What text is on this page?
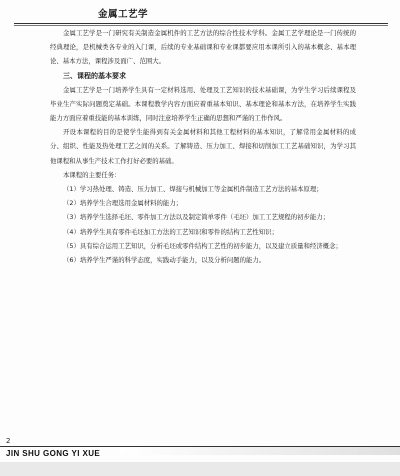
金属工艺学

金属工艺学是一门研究有关制造金属机件的工艺方法的综合性技术学科。金属工艺学理论是一门传统的经典理论，是机械类各专业的入门课，后续的专业基础课和专业课都要应用本课所引入的基本概念、基本理论、基本方法，课程涉及面广、范围大。

三、课程的基本要求

金属工艺学是一门培养学生具有一定材料选用、处理及工艺知识的技术基础课，为学生学习后续课程及毕业生产实际问题奠定基础。本课程教学内容方面应着重基本知识、基本理论和基本方法，在培养学生实践能力方面应着重技能的基本训练，同时注意培养学生正确的思想和严谨的工作作风。

开设本课程的目的是使学生能得到有关金属材料和其他工程材料的基本知识，了解常用金属材料的成分、组织、性能及热处理工艺之间的关系。了解铸造、压力加工、焊接和切削加工工艺基础知识，为学习其他课程和从事生产技术工作打好必要的基础。

本课程的主要任务：

（1）学习热处理、铸造、压力加工、焊接与机械加工等金属机件制造工艺方法的基本原理；

（2）培养学生合理选用金属材料的能力；

（3）培养学生选择毛坯、零件加工方法以及制定简单零件（毛坯）加工工艺规程的初步能力；

（4）培养学生具有零件毛坯加工方法的工艺知识和零件的结构工艺性知识；

（5）具有综合运用工艺知识，分析毛坯或零件结构工艺性的初步能力，以及建立质量和经济概念；

（6）培养学生严谨的科学态度，实践动手能力，以及分析问题的能力。

2
JIN SHU GONG YI XUE
